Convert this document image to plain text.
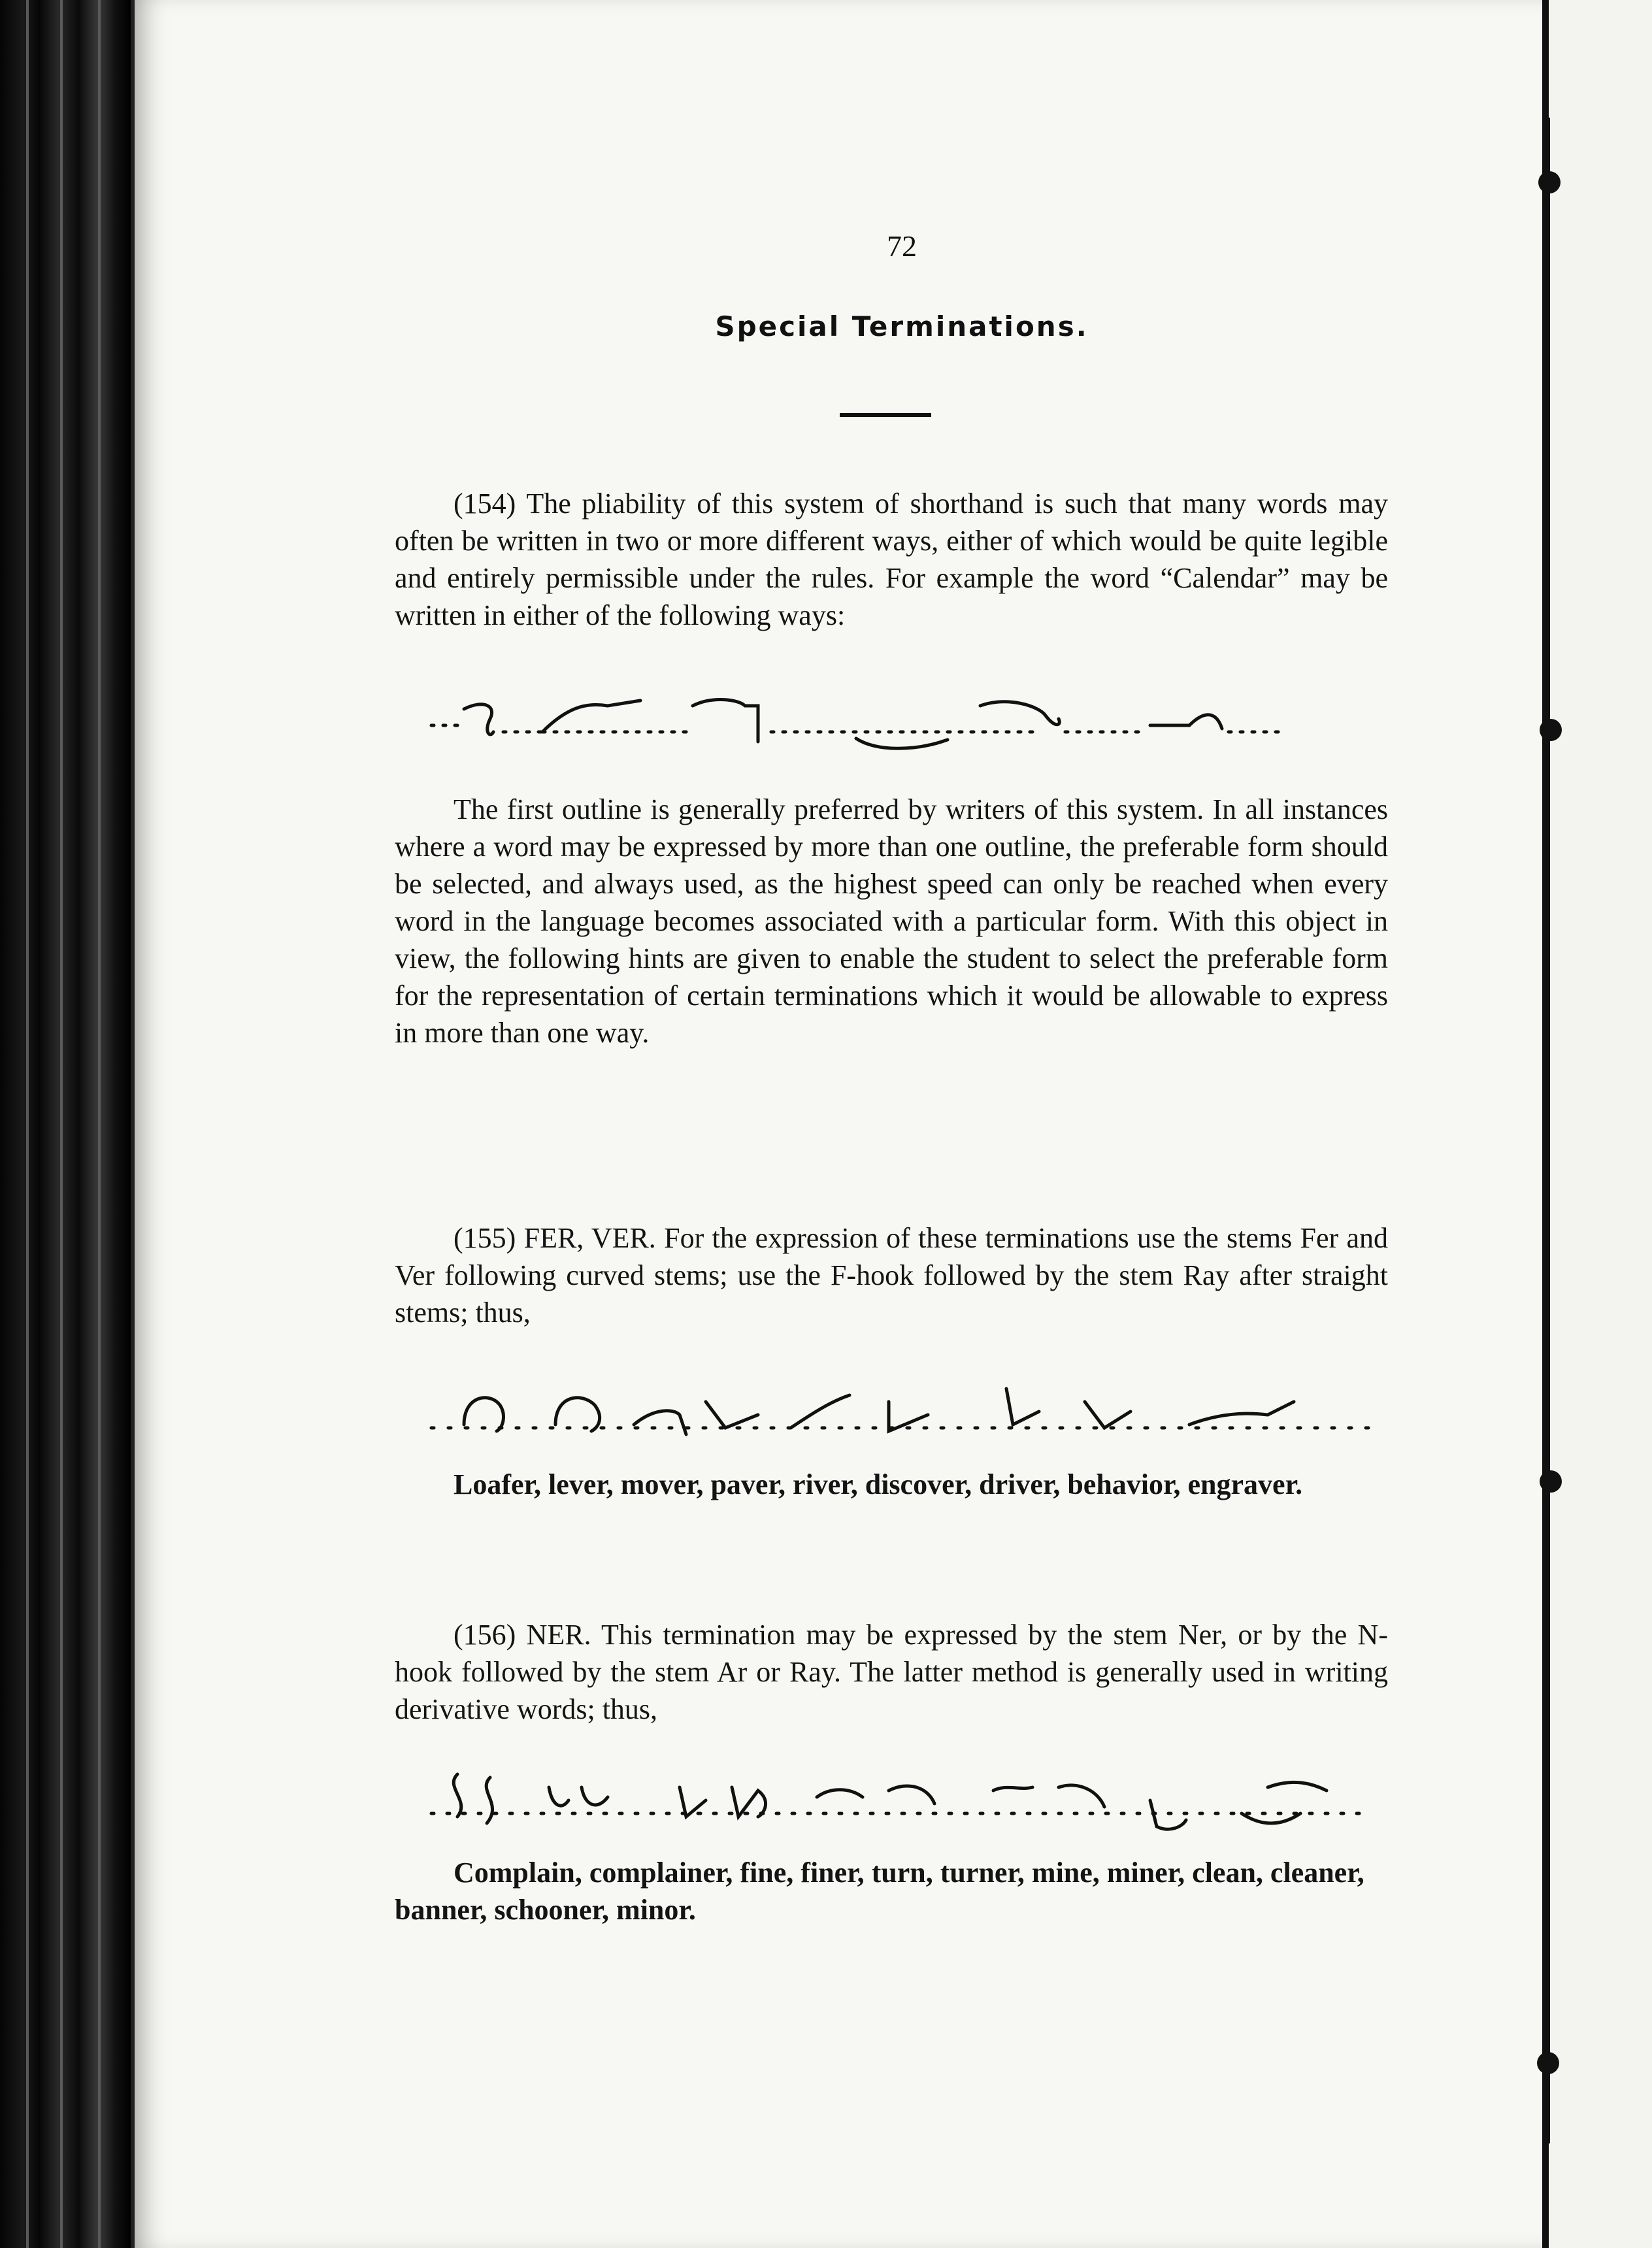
72
Special Terminations.

(154) The pliability of this system of shorthand is such that many words may often be written in two or more different ways, either of which would be quite legible and entirely permissible under the rules. For example the word “Calendar” may be written in either of the following ways:

The first outline is generally preferred by writers of this system. In all instances where a word may be expressed by more than one outline, the preferable form should be selected, and always used, as the highest speed can only be reached when every word in the language becomes associated with a particular form. With this object in view, the following hints are given to enable the student to select the preferable form for the representation of certain terminations which it would be allowable to express in more than one way.

(155) FER, VER. For the expression of these terminations use the stems Fer and Ver following curved stems; use the F-hook followed by the stem Ray after straight stems; thus,

Loafer, lever, mover, paver, river, discover, driver, behavior, engraver.

(156) NER. This termination may be expressed by the stem Ner, or by the N-hook followed by the stem Ar or Ray. The latter method is generally used in writing derivative words; thus,

Complain, complainer, fine, finer, turn, turner, mine, miner, clean, cleaner, banner, schooner, minor.
